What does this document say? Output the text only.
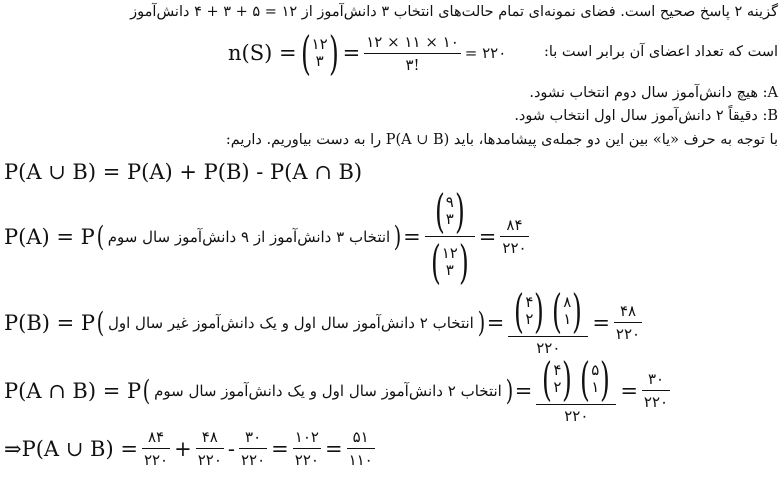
گزینه ۲ پاسخ صحیح است. فضای نمونه‌ای تمام حالت‌های انتخاب ۳ دانش‌آموز از ۱۲ = ۵ + ۳ + ۴ دانش‌آموز
n(S) = ( ۱۲
۳ ) = $\frac{۱۲ \times ۱۱ \times ۱۰}{۳!}$ = ۲۲۰	است که تعداد اعضای آن برابر است با:
A: هیچ دانش‌آموز سال دوم انتخاب نشود.
B: دقیقاً ۲ دانش‌آموز سال اول انتخاب شود.
با توجه به حرف «یا» بین این دو جمله‌ی پیشامدها، باید P(A ∪ B) را به دست بیاوریم. داریم:
P(A ∪ B) = P(A) + P(B) - P(A ∩ B)
P(A) = P ( انتخاب ۳ دانش‌آموز از ۹ دانش‌آموز سال سوم ) = ( ۹
۳ )
( ۱۲
۳ ) = $\frac{۸۴}{۲۲۰}$
P(B) = P ( انتخاب ۲ دانش‌آموز سال اول و یک دانش‌آموز غیر سال اول ) = ( ۴
۲ ) ( ۸
۱ )
۲۲۰ = $\frac{۴۸}{۲۲۰}$
P(A ∩ B) = P ( انتخاب ۲ دانش‌آموز سال اول و یک دانش‌آموز سال سوم ) = ( ۴
۲ ) ( ۵
۱ )
۲۲۰ = $\frac{۳۰}{۲۲۰}$
⇒P(A ∪ $B) = \frac{۸۴}{۲۲۰} + \frac{۴۸}{۲۲۰} - \frac{۳۰}{۲۲۰} = \frac{۱۰۲}{۲۲۰} = \frac{۵۱}{۱۱۰}$
